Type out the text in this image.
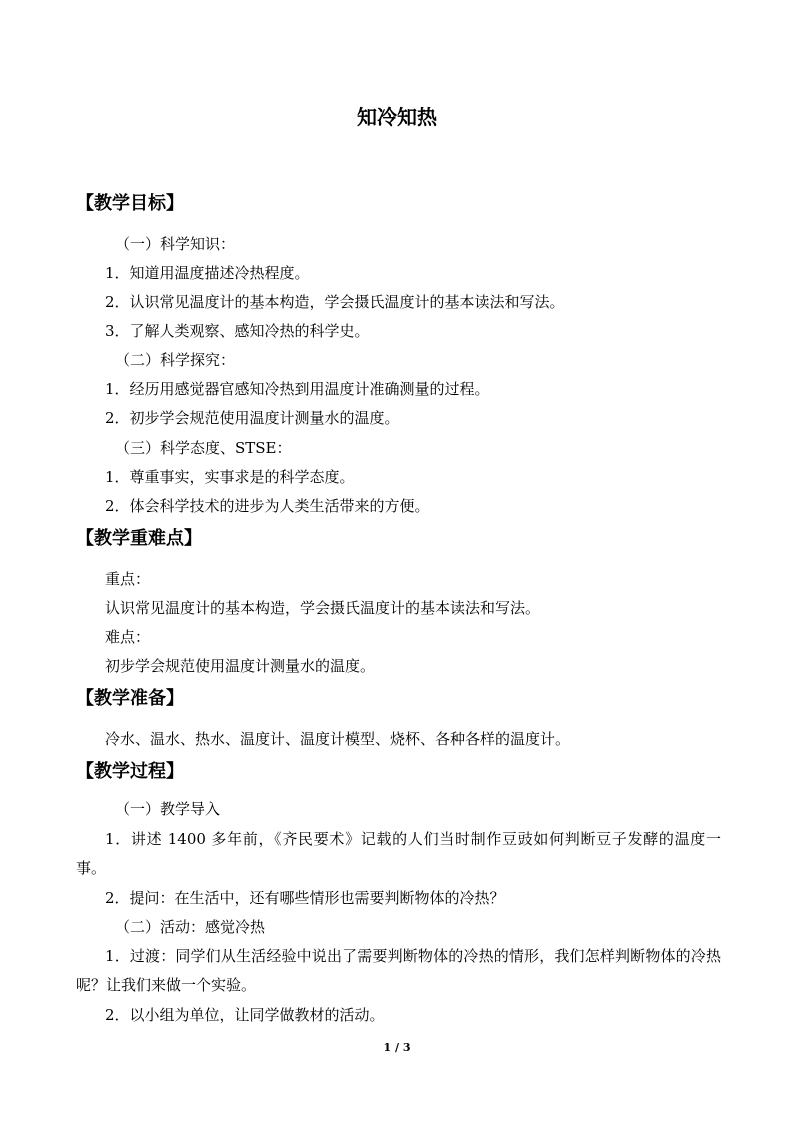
知冷知热
【教学目标】
（一）科学知识：
1．知道用温度描述冷热程度。
2．认识常见温度计的基本构造，学会摄氏温度计的基本读法和写法。
3．了解人类观察、感知冷热的科学史。
（二）科学探究：
1．经历用感觉器官感知冷热到用温度计准确测量的过程。
2．初步学会规范使用温度计测量水的温度。
（三）科学态度、STSE：
1．尊重事实，实事求是的科学态度。
2．体会科学技术的进步为人类生活带来的方便。
【教学重难点】
重点：
认识常见温度计的基本构造，学会摄氏温度计的基本读法和写法。
难点：
初步学会规范使用温度计测量水的温度。
【教学准备】
冷水、温水、热水、温度计、温度计模型、烧杯、各种各样的温度计。
【教学过程】
（一）教学导入
1．讲述 1400 多年前，《齐民要术》记载的人们当时制作豆豉如何判断豆子发酵的温度一事。
2．提问：在生活中，还有哪些情形也需要判断物体的冷热？
（二）活动：感觉冷热
1．过渡：同学们从生活经验中说出了需要判断物体的冷热的情形，我们怎样判断物体的冷热呢？让我们来做一个实验。
2．以小组为单位，让同学做教材的活动。
1 / 3
